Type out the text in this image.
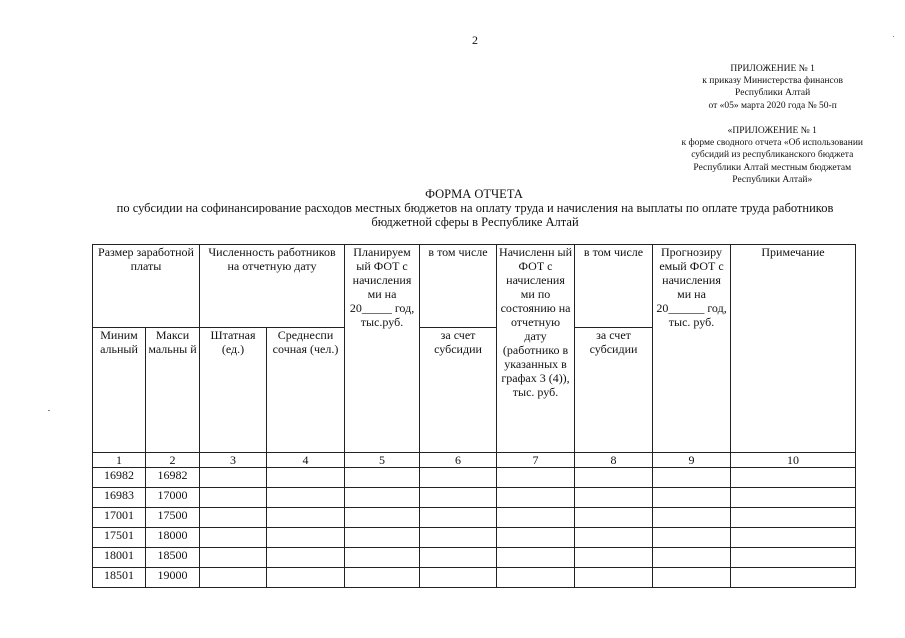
2
ПРИЛОЖЕНИЕ № 1
к приказу Министерства финансов
Республики Алтай
от «05» марта 2020 года № 50-п
«ПРИЛОЖЕНИЕ № 1
к форме сводного отчета «Об использовании
субсидий из республиканского бюджета
Республики Алтай местным бюджетам
Республики Алтай»
ФОРМА ОТЧЕТА
по субсидии на софинансирование расходов местных бюджетов на оплату труда и начисления на выплаты по оплате труда работников бюджетной сферы в Республике Алтай
Размер заработной платы		Численность работников на отчетную дату		Планируем ый ФОТ с начисления ми на 20_____ год, тыс.руб.	в том числе	Начисленн ый ФОТ с начисления ми по состоянию на отчетную дату (работнико в указанных в графах 3 (4)), тыс. руб.	в том числе	Прогнозиру емый ФОТ с начисления ми на 20______ год, тыс. руб.	Примечание
Миним альный	Макси мальны й	Штатная (ед.)	Среднеспи сочная (чел.)		за счет субсидии		за счет субсидии		
1	2	3	4	5	6	7	8	9	10
16982	16982								
16983	17000								
17001	17500								
17501	18000								
18001	18500								
18501	19000								
